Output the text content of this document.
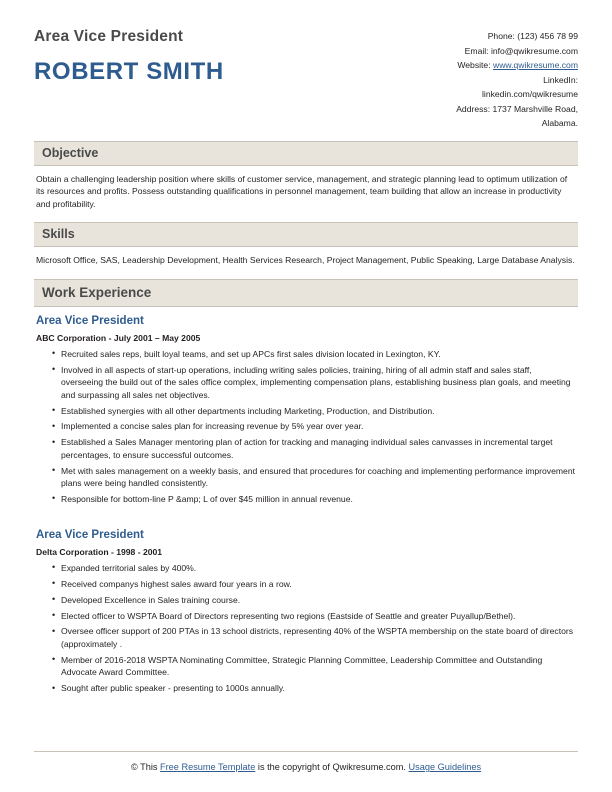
Area Vice President
ROBERT SMITH
Phone: (123) 456 78 99
Email: info@qwikresume.com
Website: www.qwikresume.com
LinkedIn:
linkedin.com/qwikresume
Address: 1737 Marshville Road,
Alabama.
Objective
Obtain a challenging leadership position where skills of customer service, management, and strategic planning lead to optimum utilization of its resources and profits. Possess outstanding qualifications in personnel management, team building that allow an increase in productivity and profitability.
Skills
Microsoft Office, SAS, Leadership Development, Health Services Research, Project Management, Public Speaking, Large Database Analysis.
Work Experience
Area Vice President
ABC Corporation - July 2001 – May 2005
• Recruited sales reps, built loyal teams, and set up APCs first sales division located in Lexington, KY.
• Involved in all aspects of start-up operations, including writing sales policies, training, hiring of all admin staff and sales staff, overseeing the build out of the sales office complex, implementing compensation plans, establishing business plan goals, and meeting and surpassing all sales net objectives.
• Established synergies with all other departments including Marketing, Production, and Distribution.
• Implemented a concise sales plan for increasing revenue by 5% year over year.
• Established a Sales Manager mentoring plan of action for tracking and managing individual sales canvasses in incremental target percentages, to ensure successful outcomes.
• Met with sales management on a weekly basis, and ensured that procedures for coaching and implementing performance improvement plans were being handled consistently.
• Responsible for bottom-line P &amp; L of over $45 million in annual revenue.
Area Vice President
Delta Corporation - 1998 - 2001
• Expanded territorial sales by 400%.
• Received companys highest sales award four years in a row.
• Developed Excellence in Sales training course.
• Elected officer to WSPTA Board of Directors representing two regions (Eastside of Seattle and greater Puyallup/Bethel).
• Oversee officer support of 200 PTAs in 13 school districts, representing 40% of the WSPTA membership on the state board of directors (approximately .
• Member of 2016-2018 WSPTA Nominating Committee, Strategic Planning Committee, Leadership Committee and Outstanding Advocate Award Committee.
• Sought after public speaker - presenting to 1000s annually.
© This Free Resume Template is the copyright of Qwikresume.com. Usage Guidelines
